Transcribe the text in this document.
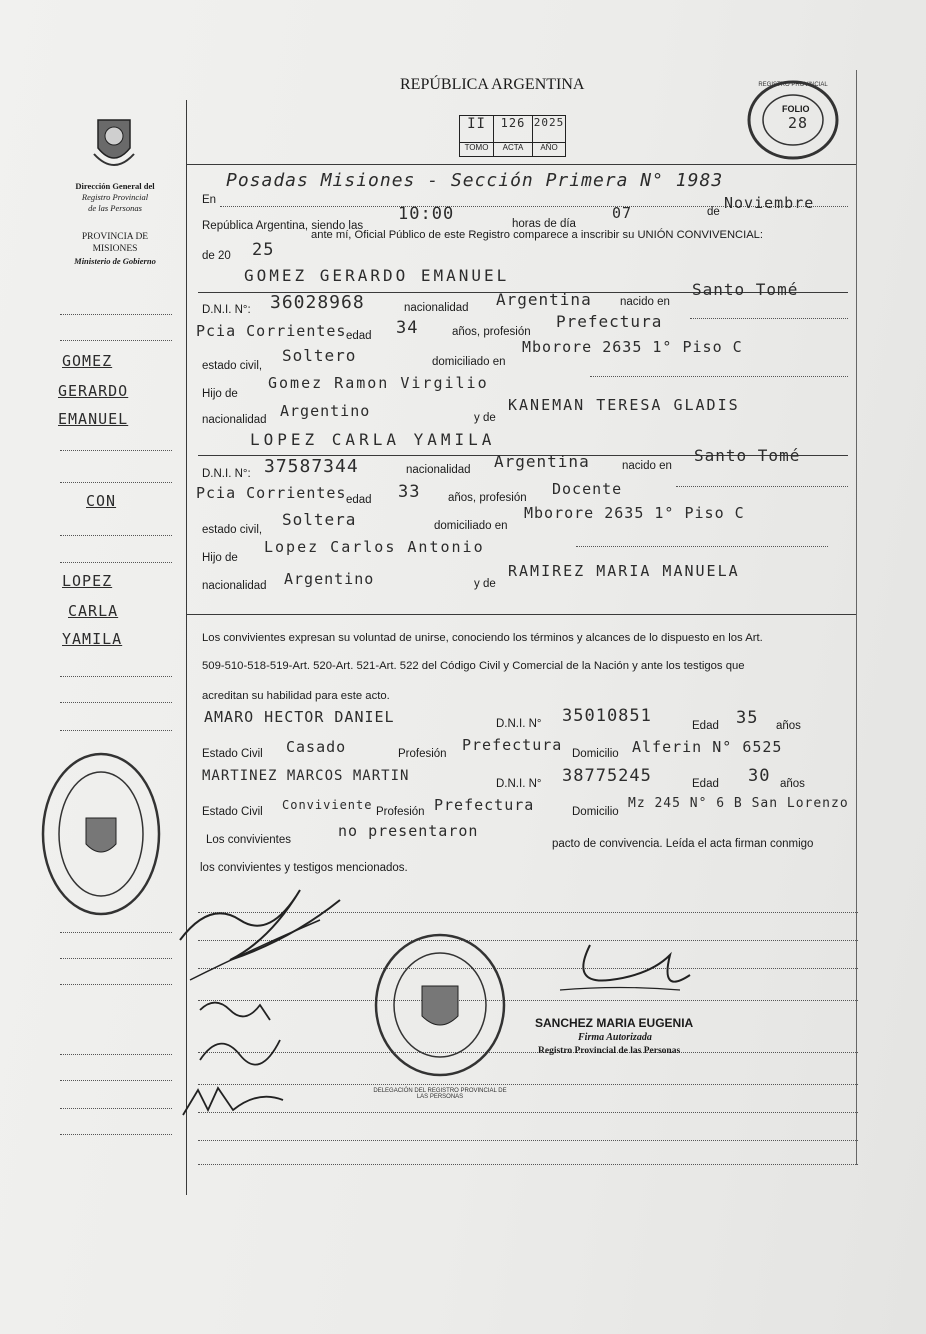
REPÚBLICA ARGENTINA
II	126 2025
TOMO	ACTA	AÑO
REGISTRO PROVINCIAL
FOLIO
28
Dirección General del
Registro Provincial
de las Personas
PROVINCIA DE
MISIONES
Ministerio de Gobierno
GOMEZ
GERARDO
EMANUEL
CON
LOPEZ
CARLA
YAMILA
En
Posadas Misiones - Sección Primera N° 1983
República Argentina, siendo las
10:00	horas de día
07	de Noviembre
de 20 25
ante mí, Oficial Público de este Registro comparece a inscribir su UNIÓN CONVIVENCIAL:
GOMEZ GERARDO EMANUEL
D.N.I. N°: 36028968	nacionalidad Argentina nacido en
Santo Tomé
Pcia Corrientes edad 34	años, profesión
Prefectura
estado civil,
Soltero	domiciliado en
Mborore 2635 1° Piso C
Hijo de
Gomez Ramon Virgilio
nacionalidad Argentino	y de
KANEMAN TERESA GLADIS
LOPEZ CARLA YAMILA
D.N.I. N°: 37587344	nacionalidad Argentina	nacido en
Santo Tomé
Pcia Corrientes edad 33 años, profesión Docente
estado civil,
Soltera	domiciliado en
Mborore 2635 1° Piso C
Hijo de
Lopez Carlos Antonio
nacionalidad Argentino	y de
RAMIREZ MARIA MANUELA
Los convivientes expresan su voluntad de unirse, conociendo los términos y alcances de lo dispuesto en los Art.
509-510-518-519-Art. 520-Art. 521-Art. 522 del Código Civil y Comercial de la Nación y ante los testigos que
acreditan su habilidad para este acto.
AMARO HECTOR DANIEL	D.N.I. N° 35010851	Edad 35 años
Estado Civil Casado	Profesión Prefectura Domicilio Alferin N° 6525
MARTINEZ MARCOS MARTIN	D.N.I. N° 38775245	Edad 30 años
Estado Civil Conviviente Profesión Prefectura	Domicilio
Mz 245 N° 6 B San Lorenzo
Los convivientes	no presentaron
pacto de convivencia. Leída el acta firman conmigo
los convivientes y testigos mencionados.
SANCHEZ MARIA EUGENIA
Firma Autorizada
Registro Provincial de las Personas
DELEGACIÓN DEL REGISTRO PROVINCIAL DE LAS PERSONAS
